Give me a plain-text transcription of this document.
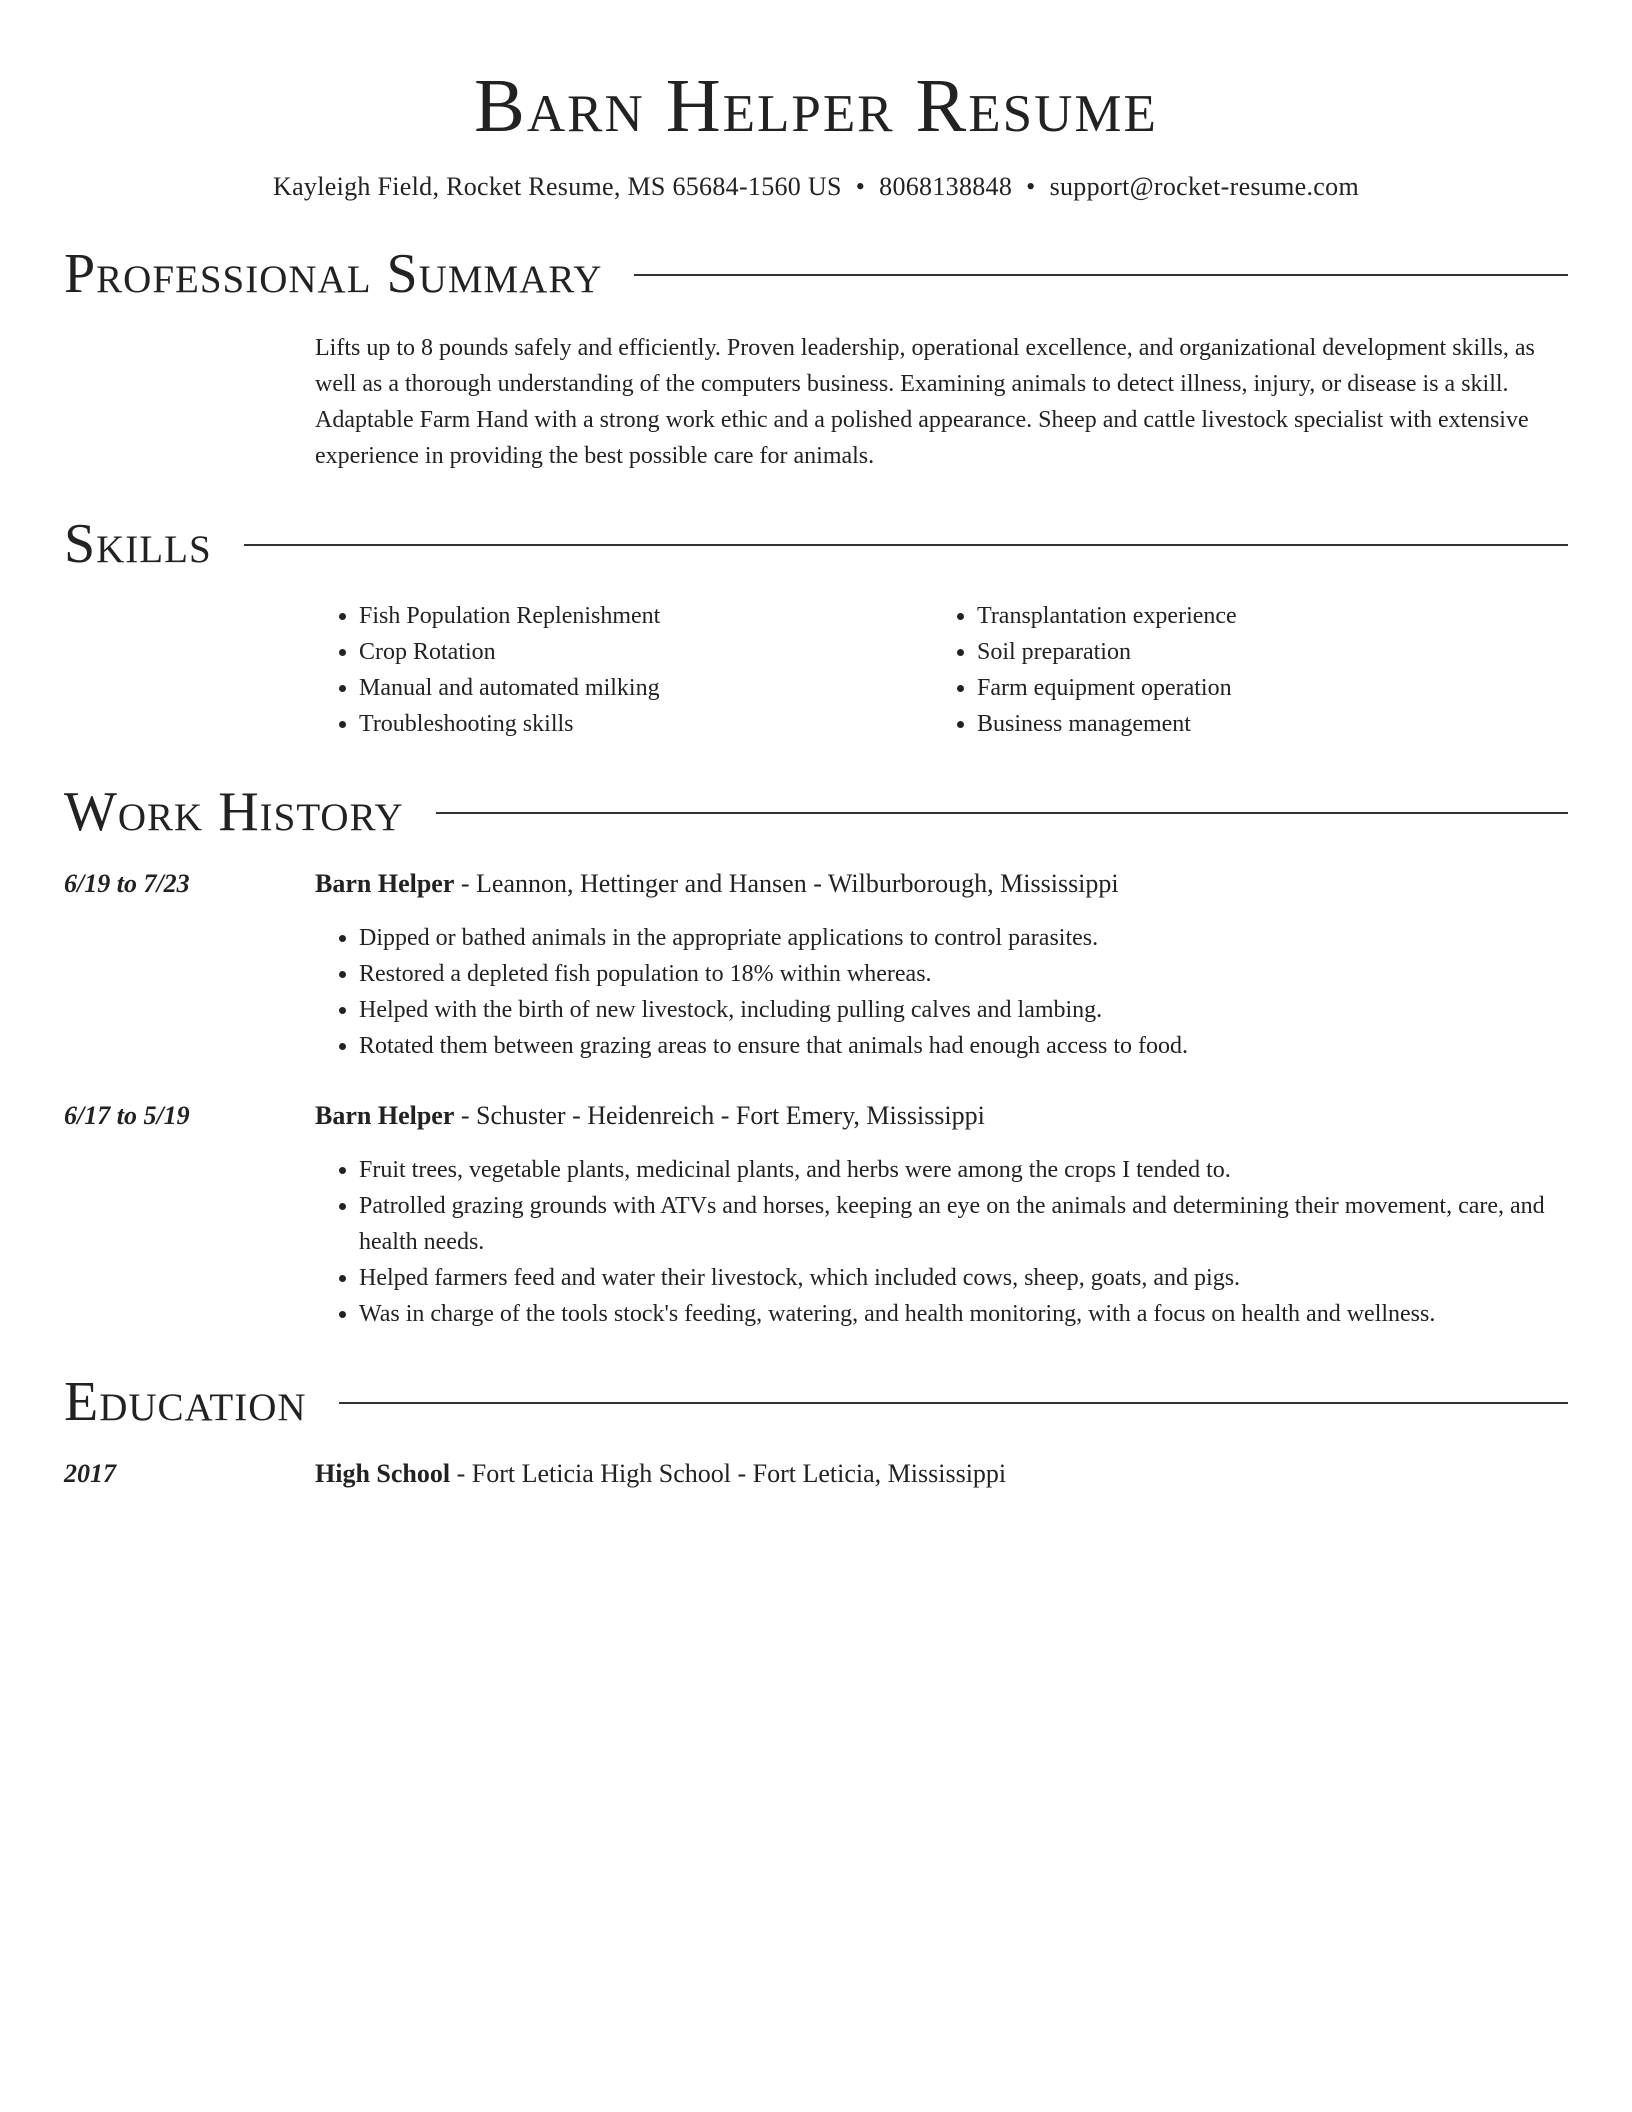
Barn Helper Resume
Kayleigh Field, Rocket Resume, MS 65684-1560 US • 8068138848 • support@rocket-resume.com
Professional Summary
Lifts up to 8 pounds safely and efficiently. Proven leadership, operational excellence, and organizational development skills, as well as a thorough understanding of the computers business. Examining animals to detect illness, injury, or disease is a skill. Adaptable Farm Hand with a strong work ethic and a polished appearance. Sheep and cattle livestock specialist with extensive experience in providing the best possible care for animals.
Skills
• Fish Population Replenishment
• Crop Rotation
• Manual and automated milking
• Troubleshooting skills
• Transplantation experience
• Soil preparation
• Farm equipment operation
• Business management
Work History
6/19 to 7/23	Barn Helper - Leannon, Hettinger and Hansen - Wilburborough, Mississippi
• Dipped or bathed animals in the appropriate applications to control parasites.
• Restored a depleted fish population to 18% within whereas.
• Helped with the birth of new livestock, including pulling calves and lambing.
• Rotated them between grazing areas to ensure that animals had enough access to food.
6/17 to 5/19	Barn Helper - Schuster - Heidenreich - Fort Emery, Mississippi
• Fruit trees, vegetable plants, medicinal plants, and herbs were among the crops I tended to.
• Patrolled grazing grounds with ATVs and horses, keeping an eye on the animals and determining their movement, care, and health needs.
• Helped farmers feed and water their livestock, which included cows, sheep, goats, and pigs.
• Was in charge of the tools stock's feeding, watering, and health monitoring, with a focus on health and wellness.
Education
2017	High School - Fort Leticia High School - Fort Leticia, Mississippi
